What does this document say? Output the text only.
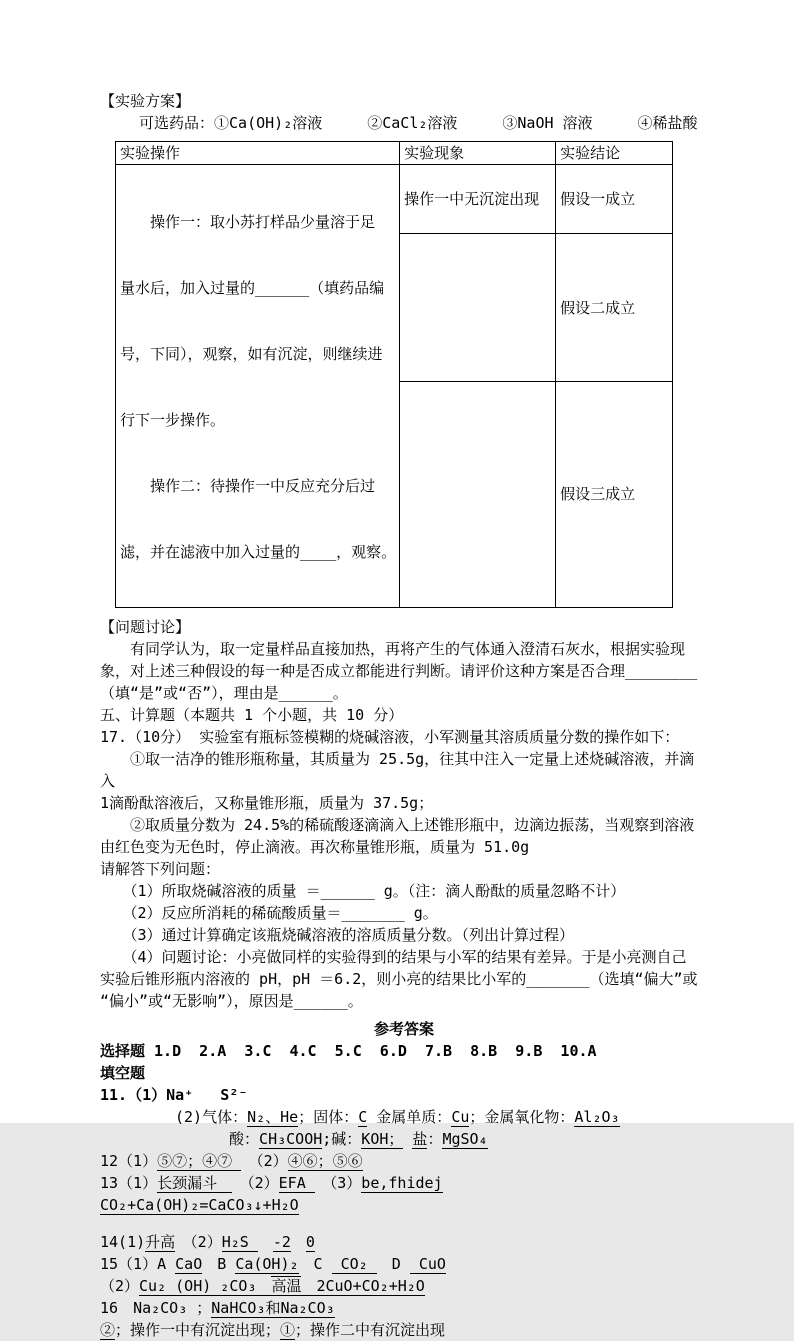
【实验方案】
　　 可选药品：①Ca(OH)₂溶液　　　②CaCl₂溶液　　　③NaOH 溶液　　　④稀盐酸
实验操作	实验现象	实验结论

　　操作一：取小苏打样品少量溶于足

量水后，加入过量的______（填药品编

号，下同），观察，如有沉淀，则继续进

行下一步操作。

　　操作二：待操作一中反应充分后过

滤，并在滤液中加入过量的____，观察。

	操作一中无沉淀出现	假设一成立
		假设二成立
		假设三成立
【问题讨论】
　　有同学认为，取一定量样品直接加热，再将产生的气体通入澄清石灰水，根据实验现
象，对上述三种假设的每一种是否成立都能进行判断。请评价这种方案是否合理________
（填“是”或“否”），理由是______。
五、计算题（本题共 1 个小题，共 10 分）
17.（10分） 实验室有瓶标签模糊的烧碱溶液，小军测量其溶质质量分数的操作如下：
　　①取一洁净的锥形瓶称量，其质量为 25.5g，往其中注入一定量上述烧碱溶液，并滴
入
1滴酚酞溶液后，又称量锥形瓶，质量为 37.5g；
　　②取质量分数为 24.5%的稀硫酸逐滴滴入上述锥形瓶中，边滴边振荡，当观察到溶液
由红色变为无色时，停止滴液。再次称量锥形瓶，质量为 51.0g
请解答下列问题：
　　（1）所取烧碱溶液的质量 ＝______ g。（注：滴人酚酞的质量忽略不计）
　　（2）反应所消耗的稀硫酸质量＝_______ g。
　　（3）通过计算确定该瓶烧碱溶液的溶质质量分数。（列出计算过程）
　　（4）问题讨论：小亮做同样的实验得到的结果与小军的结果有差异。于是小亮测自己
实验后锥形瓶内溶液的 pH，pH ＝6.2，则小亮的结果比小军的_______（选填“偏大”或
“偏小”或“无影响”），原因是______。
参考答案
选择题 1.D  2.A  3.C  4.C  5.C  6.D  7.B  8.B  9.B  10.A
填空题
11.（1）Na⁺   S²⁻
　　　　　(2)气体：N₂、He；固体：C 金属单质：Cu；金属氧化物：Al₂O₃
　　　　　　　　 酸：CH₃COOH;碱：KOH； 盐：MgSO₄
12（1）⑤⑦；④⑦ 　（2）④⑥；⑤⑥
13（1）长颈漏斗　　（2）EFA 　（3）be,fhidej
CO₂+Ca(OH)₂=CaCO₃↓+H₂O
14(1)升高　（2）H₂S 　-2　 0
15（1）A CaO　B Ca(OH)₂　C  CO₂ 　D  CuO
（2）Cu₂ (OH) ₂CO₃　高温　2CuO+CO₂+H₂O
16　Na₂CO₃ ；NaHCO₃和Na₂CO₃
②；操作一中有沉淀出现；①；操作二中有沉淀出现
